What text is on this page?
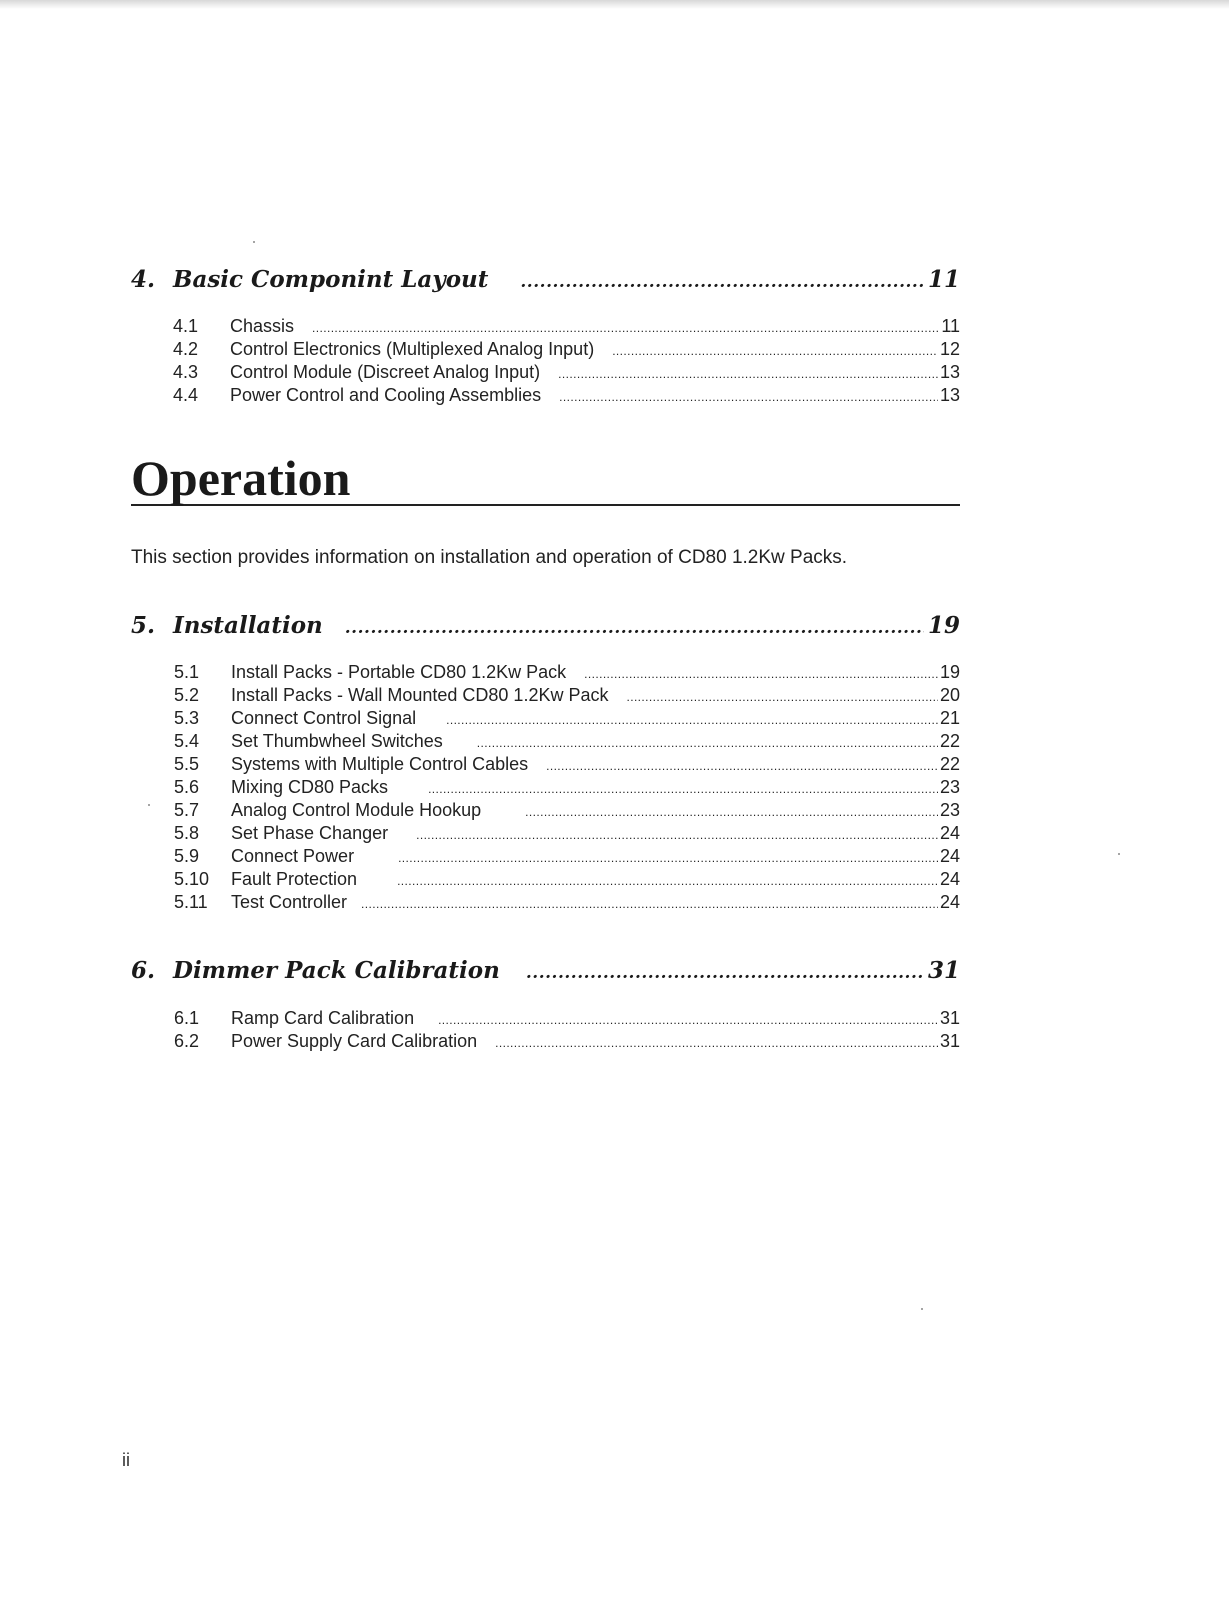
4. Basic Componint Layout .....	11
4.1	Chassis .....	11
4.2	Control Electronics (Multiplexed Analog Input) .....	12
4.3	Control Module (Discreet Analog Input) .....	13
4.4	Power Control and Cooling Assemblies .....	13
Operation
This section provides information on installation and operation of CD80 1.2Kw Packs.
5. Installation .....	19
5.1	Install Packs - Portable CD80 1.2Kw Pack .....	19
5.2	Install Packs - Wall Mounted CD80 1.2Kw Pack .....	20
5.3	Connect Control Signal .....	21
5.4	Set Thumbwheel Switches .....	22
5.5	Systems with Multiple Control Cables .....	22
5.6	Mixing CD80 Packs .....	23
5.7	Analog Control Module Hookup .....	23
5.8	Set Phase Changer .....	24
5.9	Connect Power .....	24
5.10	Fault Protection .....	24
5.11	Test Controller .....	24
6. Dimmer Pack Calibration .....	31
6.1	Ramp Card Calibration .....	31
6.2	Power Supply Card Calibration .....	31
ii
